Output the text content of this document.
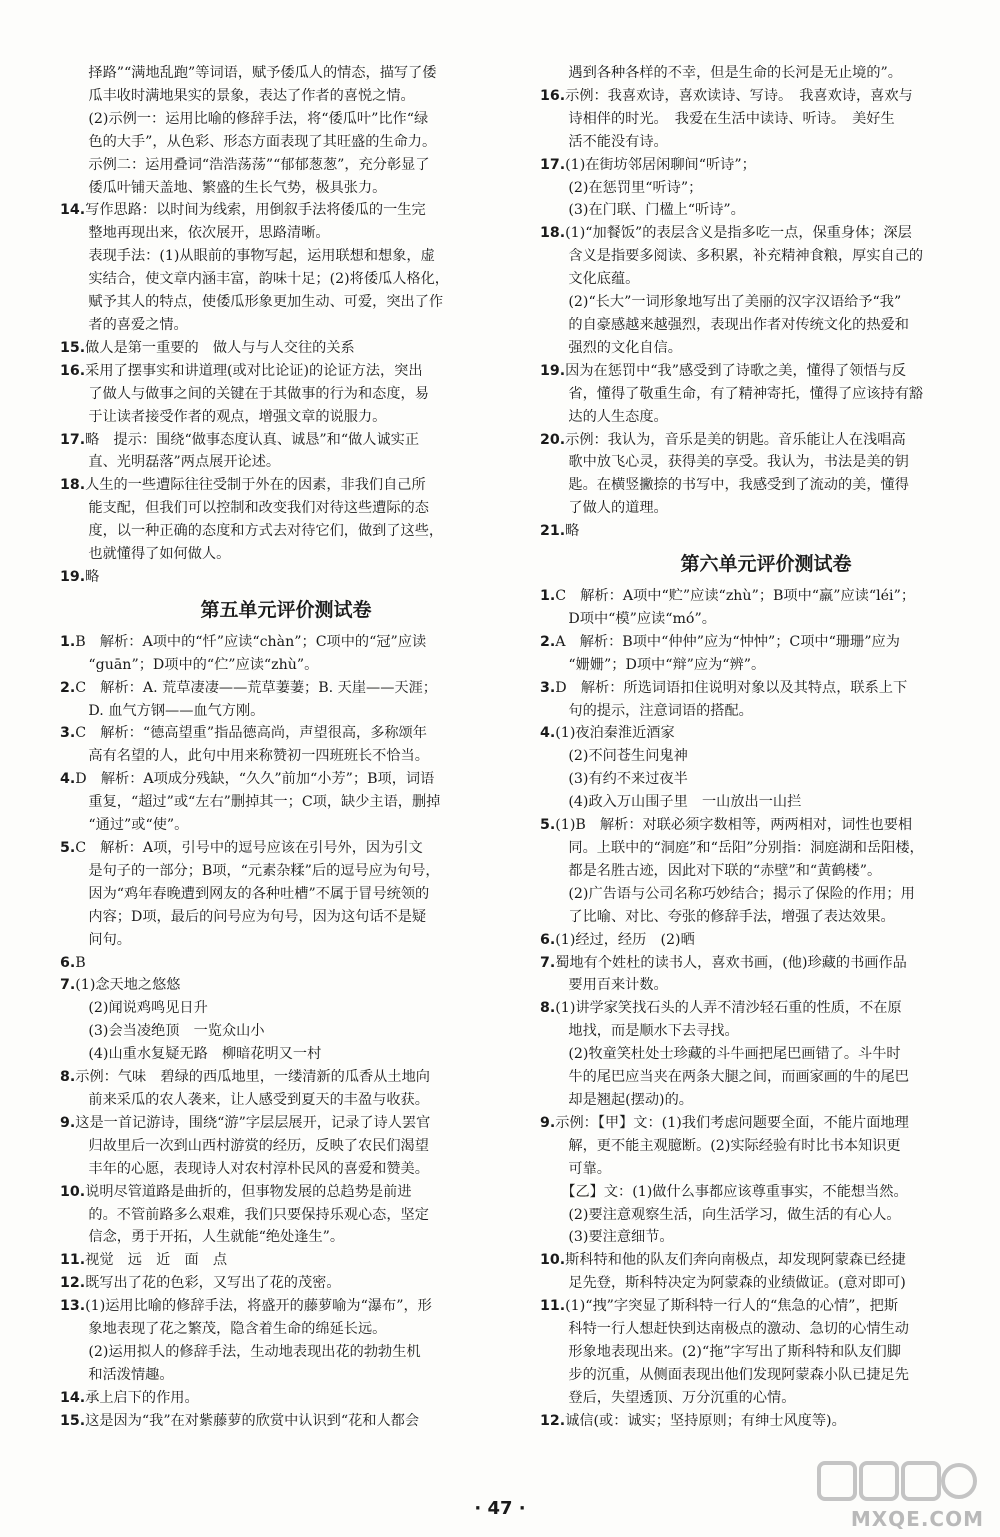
　　择路”“满地乱跑”等词语，赋予倭瓜人的情态，描写了倭
　　瓜丰收时满地果实的景象，表达了作者的喜悦之情。
　　(2)示例一：运用比喻的修辞手法，将“倭瓜叶”比作“绿
　　色的大手”，从色彩、形态方面表现了其旺盛的生命力。
　　示例二：运用叠词“浩浩荡荡”“郁郁葱葱”，充分彰显了
　　倭瓜叶铺天盖地、繁盛的生长气势，极具张力。
14.写作思路：以时间为线索，用倒叙手法将倭瓜的一生完
　　整地再现出来，依次展开，思路清晰。
　　表现手法：(1)从眼前的事物写起，运用联想和想象，虚
　　实结合，使文章内涵丰富，韵味十足；(2)将倭瓜人格化，
　　赋予其人的特点，使倭瓜形象更加生动、可爱，突出了作
　　者的喜爱之情。
15.做人是第一重要的　做人与与人交往的关系
16.采用了摆事实和讲道理(或对比论证)的论证方法，突出
　　了做人与做事之间的关键在于其做事的行为和态度，易
　　于让读者接受作者的观点，增强文章的说服力。
17.略　提示：围绕“做事态度认真、诚恳”和“做人诚实正
　　直、光明磊落”两点展开论述。
18.人生的一些遭际往往受制于外在的因素，非我们自己所
　　能支配，但我们可以控制和改变我们对待这些遭际的态
　　度，以一种正确的态度和方式去对待它们，做到了这些，
　　也就懂得了如何做人。
19.略
第五单元评价测试卷
1.B　解析：A项中的“忏”应读“chàn”；C项中的“冠”应读
　　“guān”；D项中的“伫”应读“zhù”。
2.C　解析：A. 荒草凄凄——荒草萋萋；B. 天崖——天涯；
　　D. 血气方钢——血气方刚。
3.C　解析：“德高望重”指品德高尚，声望很高，多称颂年
　　高有名望的人，此句中用来称赞初一四班班长不恰当。
4.D　解析：A项成分残缺，“久久”前加“小芳”；B项，词语
　　重复，“超过”或“左右”删掉其一；C项，缺少主语，删掉
　　“通过”或“使”。
5.C　解析：A项，引号中的逗号应该在引号外，因为引文
　　是句子的一部分；B项，“元素杂糅”后的逗号应为句号，
　　因为“鸡年春晚遭到网友的各种吐槽”不属于冒号统领的
　　内容；D项，最后的问号应为句号，因为这句话不是疑
　　问句。
6.B
7.(1)念天地之悠悠
　　(2)闻说鸡鸣见日升
　　(3)会当凌绝顶　一览众山小
　　(4)山重水复疑无路　柳暗花明又一村
8.示例：气味　碧绿的西瓜地里，一缕清新的瓜香从土地向
　　前来采瓜的农人袭来，让人感受到夏天的丰盈与收获。
9.这是一首记游诗，围绕“游”字层层展开，记录了诗人罢官
　　归故里后一次到山西村游赏的经历，反映了农民们渴望
　　丰年的心愿，表现诗人对农村淳朴民风的喜爱和赞美。
10.说明尽管道路是曲折的，但事物发展的总趋势是前进
　　的。不管前路多么艰难，我们只要保持乐观心态，坚定
　　信念，勇于开拓，人生就能“绝处逢生”。
11.视觉　远　近　面　点
12.既写出了花的色彩，又写出了花的茂密。
13.(1)运用比喻的修辞手法，将盛开的藤萝喻为“瀑布”，形
　　象地表现了花之繁茂，隐含着生命的绵延长远。
　　(2)运用拟人的修辞手法，生动地表现出花的勃勃生机
　　和活泼情趣。
14.承上启下的作用。
15.这是因为“我”在对紫藤萝的欣赏中认识到“花和人都会
　　遇到各种各样的不幸，但是生命的长河是无止境的”。
16.示例：我喜欢诗，喜欢读诗、写诗。　我喜欢诗，喜欢与
　　诗相伴的时光。　我爱在生活中读诗、听诗。　美好生
　　活不能没有诗。
17.(1)在街坊邻居闲聊间“听诗”；
　　(2)在惩罚里“听诗”；
　　(3)在门联、门楹上“听诗”。
18.(1)“加餐饭”的表层含义是指多吃一点，保重身体；深层
　　含义是指要多阅读、多积累，补充精神食粮，厚实自己的
　　文化底蕴。
　　(2)“长大”一词形象地写出了美丽的汉字汉语给予“我”
　　的自豪感越来越强烈，表现出作者对传统文化的热爱和
　　强烈的文化自信。
19.因为在惩罚中“我”感受到了诗歌之美，懂得了领悟与反
　　省，懂得了敬重生命，有了精神寄托，懂得了应该持有豁
　　达的人生态度。
20.示例：我认为，音乐是美的钥匙。音乐能让人在浅唱高
　　歌中放飞心灵，获得美的享受。我认为，书法是美的钥
　　匙。在横竖撇捺的书写中，我感受到了流动的美，懂得
　　了做人的道理。
21.略
第六单元评价测试卷
1.C　解析：A项中“贮”应读“zhù”；B项中“羸”应读“léi”；
　　D项中“模”应读“mó”。
2.A　解析：B项中“仲仲”应为“忡忡”；C项中“珊珊”应为
　　“姗姗”；D项中“辩”应为“辨”。
3.D　解析：所选词语扣住说明对象以及其特点，联系上下
　　句的提示，注意词语的搭配。
4.(1)夜泊秦淮近酒家
　　(2)不问苍生问鬼神
　　(3)有约不来过夜半
　　(4)政入万山围子里　一山放出一山拦
5.(1)B　解析：对联必须字数相等，两两相对，词性也要相
　　同。上联中的“洞庭”和“岳阳”分别指：洞庭湖和岳阳楼，
　　都是名胜古迹，因此对下联的“赤壁”和“黄鹤楼”。
　　(2)广告语与公司名称巧妙结合；揭示了保险的作用；用
　　了比喻、对比、夸张的修辞手法，增强了表达效果。
6.(1)经过，经历　(2)晒
7.蜀地有个姓杜的读书人，喜欢书画，(他)珍藏的书画作品
　　要用百来计数。
8.(1)讲学家笑找石头的人弄不清沙轻石重的性质，不在原
　　地找，而是顺水下去寻找。
　　(2)牧童笑杜处士珍藏的斗牛画把尾巴画错了。斗牛时
　　牛的尾巴应当夹在两条大腿之间，而画家画的牛的尾巴
　　却是翘起(摆动)的。
9.示例：【甲】文：(1)我们考虑问题要全面，不能片面地理
　　解，更不能主观臆断。(2)实际经验有时比书本知识更
　　可靠。
　　【乙】文：(1)做什么事都应该尊重事实，不能想当然。
　　(2)要注意观察生活，向生活学习，做生活的有心人。
　　(3)要注意细节。
10.斯科特和他的队友们奔向南极点，却发现阿蒙森已经捷
　　足先登，斯科特决定为阿蒙森的业绩做证。(意对即可)
11.(1)“拽”字突显了斯科特一行人的“焦急的心情”，把斯
　　科特一行人想赶快到达南极点的激动、急切的心情生动
　　形象地表现出来。(2)“拖”字写出了斯科特和队友们脚
　　步的沉重，从侧面表现出他们发现阿蒙森小队已捷足先
　　登后，失望透顶、万分沉重的心情。
12.诚信(或：诚实；坚持原则；有绅士风度等)。
· 47 ·	MXQE.COM
